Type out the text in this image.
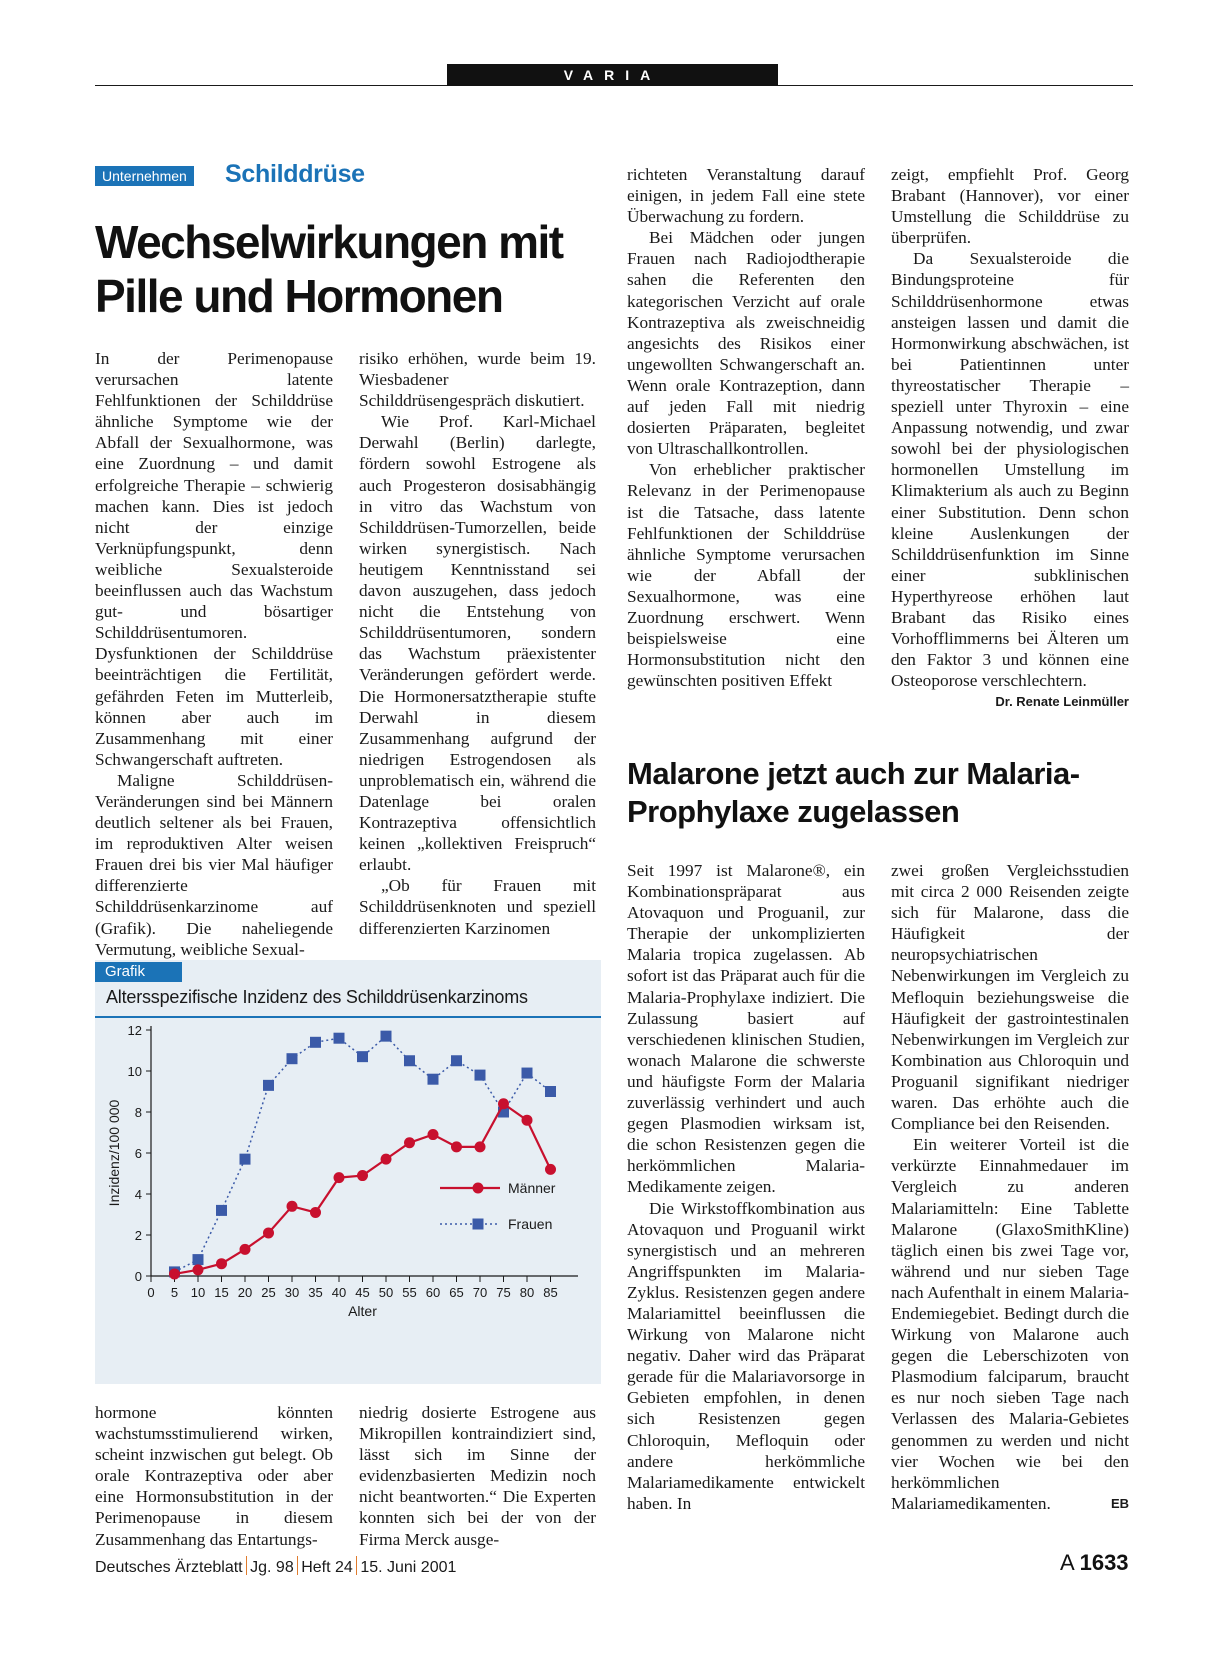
VARIA
Unternehmen Schilddrüse
Wechselwirkungen mit Pille und Hormonen

In der Perimenopause verursachen latente Fehlfunktionen der Schilddrüse ähnliche Symptome wie der Abfall der Sexualhormone, was eine Zuordnung – und damit erfolgreiche Therapie – schwierig machen kann. Dies ist jedoch nicht der einzige Verknüpfungspunkt, denn weibliche Sexualsteroide beeinflussen auch das Wachstum gut- und bösartiger Schilddrüsentumoren. Dysfunktionen der Schilddrüse beeinträchtigen die Fertilität, gefährden Feten im Mutterleib, können aber auch im Zusammenhang mit einer Schwangerschaft auftreten.

Maligne Schilddrüsen-Veränderungen sind bei Männern deutlich seltener als bei Frauen, im reproduktiven Alter weisen Frauen drei bis vier Mal häufiger differenzierte Schilddrüsenkarzinome auf (Grafik). Die naheliegende Vermutung, weibliche Sexual-

risiko erhöhen, wurde beim 19. Wiesbadener Schilddrüsengespräch diskutiert.

Wie Prof. Karl-Michael Derwahl (Berlin) darlegte, fördern sowohl Estrogene als auch Progesteron dosisabhängig in vitro das Wachstum von Schilddrüsen-Tumorzellen, beide wirken synergistisch. Nach heutigem Kenntnisstand sei davon auszugehen, dass jedoch nicht die Entstehung von Schilddrüsentumoren, sondern das Wachstum präexistenter Veränderungen gefördert werde. Die Hormonersatztherapie stufte Derwahl in diesem Zusammenhang aufgrund der niedrigen Estrogendosen als unproblematisch ein, während die Datenlage bei oralen Kontrazeptiva offensichtlich keinen „kollektiven Freispruch“ erlaubt.

„Ob für Frauen mit Schilddrüsenknoten und speziell differenzierten Karzinomen

Grafik
Altersspezifische Inzidenz des Schilddrüsenkarzinoms
0
2
4
6
8
10
12
0 5 10 15 20 25 30 35 40 45 50 55 60 65 70 75 80 85
Alter
Inzidenz/100 000	Männer
Frauen

hormone könnten wachstumsstimulierend wirken, scheint inzwischen gut belegt. Ob orale Kontrazeptiva oder aber eine Hormonsubstitution in der Perimenopause in diesem Zusammenhang das Entartungs-

niedrig dosierte Estrogene aus Mikropillen kontraindiziert sind, lässt sich im Sinne der evidenzbasierten Medizin noch nicht beantworten.“ Die Experten konnten sich bei der von der Firma Merck ausge-

richteten Veranstaltung darauf einigen, in jedem Fall eine stete Überwachung zu fordern.

Bei Mädchen oder jungen Frauen nach Radiojodtherapie sahen die Referenten den kategorischen Verzicht auf orale Kontrazeptiva als zweischneidig angesichts des Risikos einer ungewollten Schwangerschaft an. Wenn orale Kontrazeption, dann auf jeden Fall mit niedrig dosierten Präparaten, begleitet von Ultraschallkontrollen.

Von erheblicher praktischer Relevanz in der Perimenopause ist die Tatsache, dass latente Fehlfunktionen der Schilddrüse ähnliche Symptome verursachen wie der Abfall der Sexualhormone, was eine Zuordnung erschwert. Wenn beispielsweise eine Hormonsubstitution nicht den gewünschten positiven Effekt

zeigt, empfiehlt Prof. Georg Brabant (Hannover), vor einer Umstellung die Schilddrüse zu überprüfen.

Da Sexualsteroide die Bindungsproteine für Schilddrüsenhormone etwas ansteigen lassen und damit die Hormonwirkung abschwächen, ist bei Patientinnen unter thyreostatischer Therapie – speziell unter Thyroxin – eine Anpassung notwendig, und zwar sowohl bei der physiologischen hormonellen Umstellung im Klimakterium als auch zu Beginn einer Substitution. Denn schon kleine Auslenkungen der Schilddrüsenfunktion im Sinne einer subklinischen Hyperthyreose erhöhen laut Brabant das Risiko eines Vorhofflimmerns bei Älteren um den Faktor 3 und können eine Osteoporose verschlechtern.
Dr. Renate Leinmüller

Malarone jetzt auch zur Malaria-Prophylaxe zugelassen

Seit 1997 ist Malarone®, ein Kombinationspräparat aus Atovaquon und Proguanil, zur Therapie der unkomplizierten Malaria tropica zugelassen. Ab sofort ist das Präparat auch für die Malaria-Prophylaxe indiziert. Die Zulassung basiert auf verschiedenen klinischen Studien, wonach Malarone die schwerste und häufigste Form der Malaria zuverlässig verhindert und auch gegen Plasmodien wirksam ist, die schon Resistenzen gegen die herkömmlichen Malaria-Medikamente zeigen.

Die Wirkstoffkombination aus Atovaquon und Proguanil wirkt synergistisch und an mehreren Angriffspunkten im Malaria-Zyklus. Resistenzen gegen andere Malariamittel beeinflussen die Wirkung von Malarone nicht negativ. Daher wird das Präparat gerade für die Malariavorsorge in Gebieten empfohlen, in denen sich Resistenzen gegen Chloroquin, Mefloquin oder andere herkömmliche Malariamedikamente entwickelt haben. In

zwei großen Vergleichsstudien mit circa 2 000 Reisenden zeigte sich für Malarone, dass die Häufigkeit der neuropsychiatrischen Nebenwirkungen im Vergleich zu Mefloquin beziehungsweise die Häufigkeit der gastrointestinalen Nebenwirkungen im Vergleich zur Kombination aus Chloroquin und Proguanil signifikant niedriger waren. Das erhöhte auch die Compliance bei den Reisenden.

Ein weiterer Vorteil ist die verkürzte Einnahmedauer im Vergleich zu anderen Malariamitteln: Eine Tablette Malarone (GlaxoSmithKline) täglich einen bis zwei Tage vor, während und nur sieben Tage nach Aufenthalt in einem Malaria-Endemiegebiet. Bedingt durch die Wirkung von Malarone auch gegen die Leberschizoten von Plasmodium falciparum, braucht es nur noch sieben Tage nach Verlassen des Malaria-Gebietes genommen zu werden und nicht vier Wochen wie bei den herkömmlichen Malariamedikamenten.	EB

Deutsches Ärzteblatt Jg. 98 Heft 24 15. Juni 2001	A 1633
